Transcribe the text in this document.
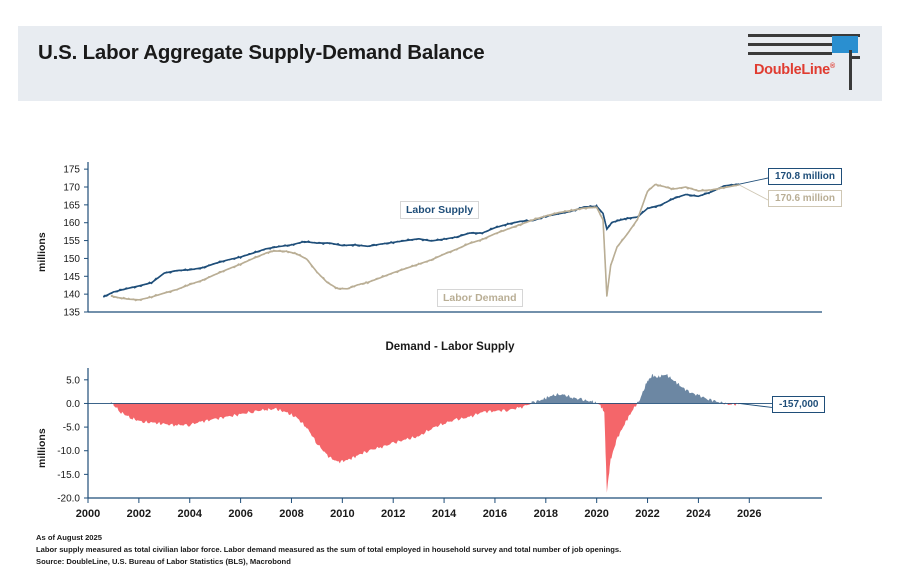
U.S. Labor Aggregate Supply-Demand Balance
DoubleLine®
millions
135
140
145
150
155
160
165
170
175
Labor Supply
Labor Demand
170.8 million
170.6 million
Demand - Labor Supply
millions
5.0
0.0
-5.0
-10.0
-15.0
-20.0
-157,000
2000 2002 2004 2006 2008 2010 2012 2014 2016 2018 2020 2022 2024 2026
As of August 2025
Labor supply measured as total civilian labor force. Labor demand measured as the sum of total employed in household survey and total number of job openings.
Source: DoubleLine, U.S. Bureau of Labor Statistics (BLS), Macrobond
